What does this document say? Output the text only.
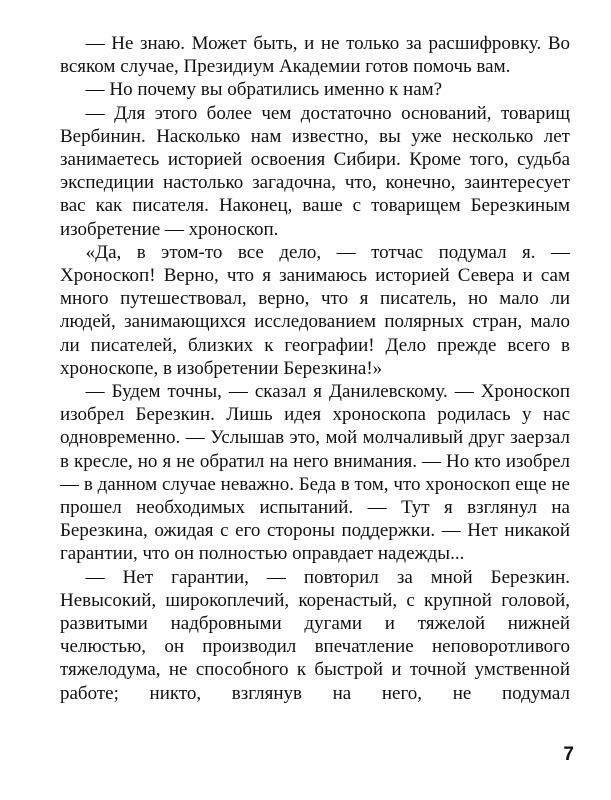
— Не знаю. Может быть, и не только за расшифровку. Во всяком случае, Президиум Академии готов помочь вам.

— Но почему вы обратились именно к нам?

— Для этого более чем достаточно оснований, товарищ Вербинин. Насколько нам известно, вы уже несколько лет занимаетесь историей освоения Сибири. Кроме того, судьба экспедиции настолько загадочна, что, конечно, заинтересует вас как писателя. Наконец, ваше с товарищем Березкиным изобретение — хроноскоп.

«Да, в этом-то все дело, — тотчас подумал я. — Хроноскоп! Верно, что я занимаюсь историей Севера и сам много путешествовал, верно, что я писатель, но мало ли людей, занимающихся исследованием полярных стран, мало ли писателей, близких к географии! Дело прежде всего в хроноскопе, в изобретении Березкина!»

— Будем точны, — сказал я Данилевскому. — Хроноскоп изобрел Березкин. Лишь идея хроноскопа родилась у нас одновременно. — Услышав это, мой молчаливый друг заерзал в кресле, но я не обратил на него внимания. — Но кто изобрел — в данном случае неважно. Беда в том, что хроноскоп еще не прошел необходимых испытаний. — Тут я взглянул на Березкина, ожидая с его стороны поддержки. — Нет никакой гарантии, что он полностью оправдает надежды...

— Нет гарантии, — повторил за мной Березкин. Невысокий, широкоплечий, коренастый, с крупной головой, развитыми надбровными дугами и тяжелой нижней челюстью, он производил впечатление неповоротливого тяжелодума, не способного к быстрой и точной умственной работе; никто, взглянув на него, не подумал

7
